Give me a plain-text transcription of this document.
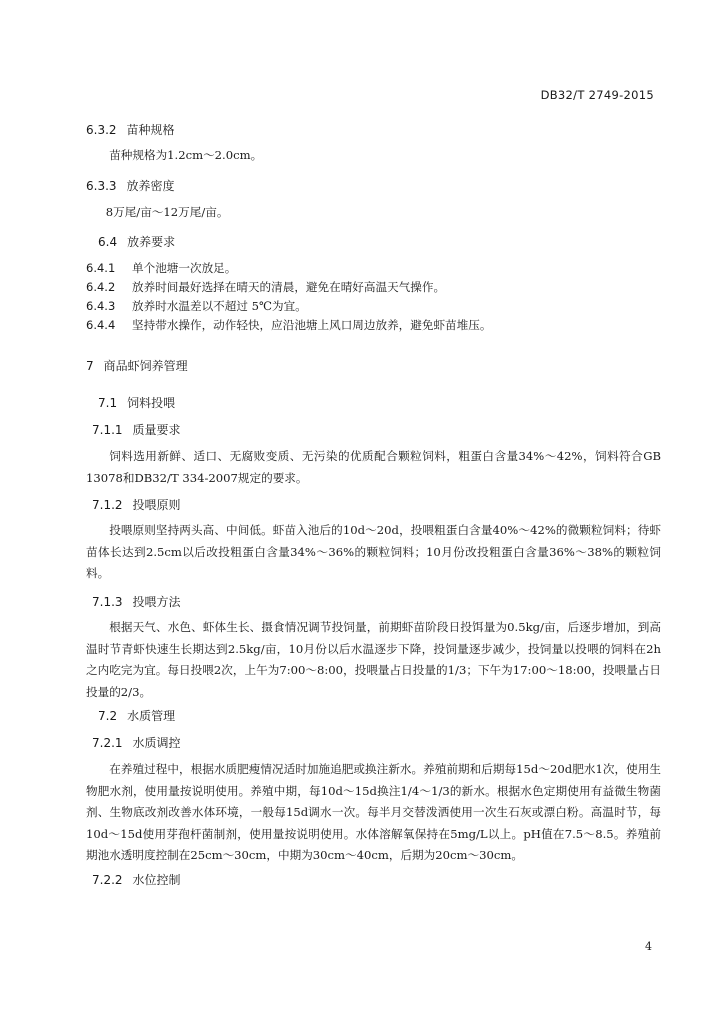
DB32/T 2749-2015

6.3.2 苗种规格

苗种规格为1.2cm～2.0cm。

6.3.3 放养密度

8万尾/亩～12万尾/亩。

6.4 放养要求

6.4.1 单个池塘一次放足。

6.4.2 放养时间最好选择在晴天的清晨，避免在晴好高温天气操作。

6.4.3 放养时水温差以不超过 5℃为宜。

6.4.4 坚持带水操作，动作轻快，应沿池塘上风口周边放养，避免虾苗堆压。

7 商品虾饲养管理

7.1 饲料投喂

7.1.1 质量要求

饲料选用新鲜、适口、无腐败变质、无污染的优质配合颗粒饲料，粗蛋白含量34%～42%，饲料符合GB 13078和DB32/T 334-2007规定的要求。

7.1.2 投喂原则

投喂原则坚持两头高、中间低。虾苗入池后的10d～20d，投喂粗蛋白含量40%～42%的微颗粒饲料；待虾苗体长达到2.5cm以后改投粗蛋白含量34%～36%的颗粒饲料；10月份改投粗蛋白含量36%～38%的颗粒饲料。

7.1.3 投喂方法

根据天气、水色、虾体生长、摄食情况调节投饲量，前期虾苗阶段日投饵量为0.5kg/亩，后逐步增加，到高温时节青虾快速生长期达到2.5kg/亩，10月份以后水温逐步下降，投饲量逐步减少，投饲量以投喂的饲料在2h之内吃完为宜。每日投喂2次，上午为7:00～8:00，投喂量占日投量的1/3；下午为17:00～18:00，投喂量占日投量的2/3。

7.2 水质管理

7.2.1 水质调控

在养殖过程中，根据水质肥瘦情况适时加施追肥或换注新水。养殖前期和后期每15d～20d肥水1次，使用生物肥水剂，使用量按说明使用。养殖中期，每10d～15d换注1/4～1/3的新水。根据水色定期使用有益微生物菌剂、生物底改剂改善水体环境，一般每15d调水一次。每半月交替泼洒使用一次生石灰或漂白粉。高温时节，每10d～15d使用芽孢杆菌制剂，使用量按说明使用。水体溶解氧保持在5mg/L以上。pH值在7.5～8.5。养殖前期池水透明度控制在25cm～30cm，中期为30cm～40cm，后期为20cm～30cm。

7.2.2 水位控制

4
